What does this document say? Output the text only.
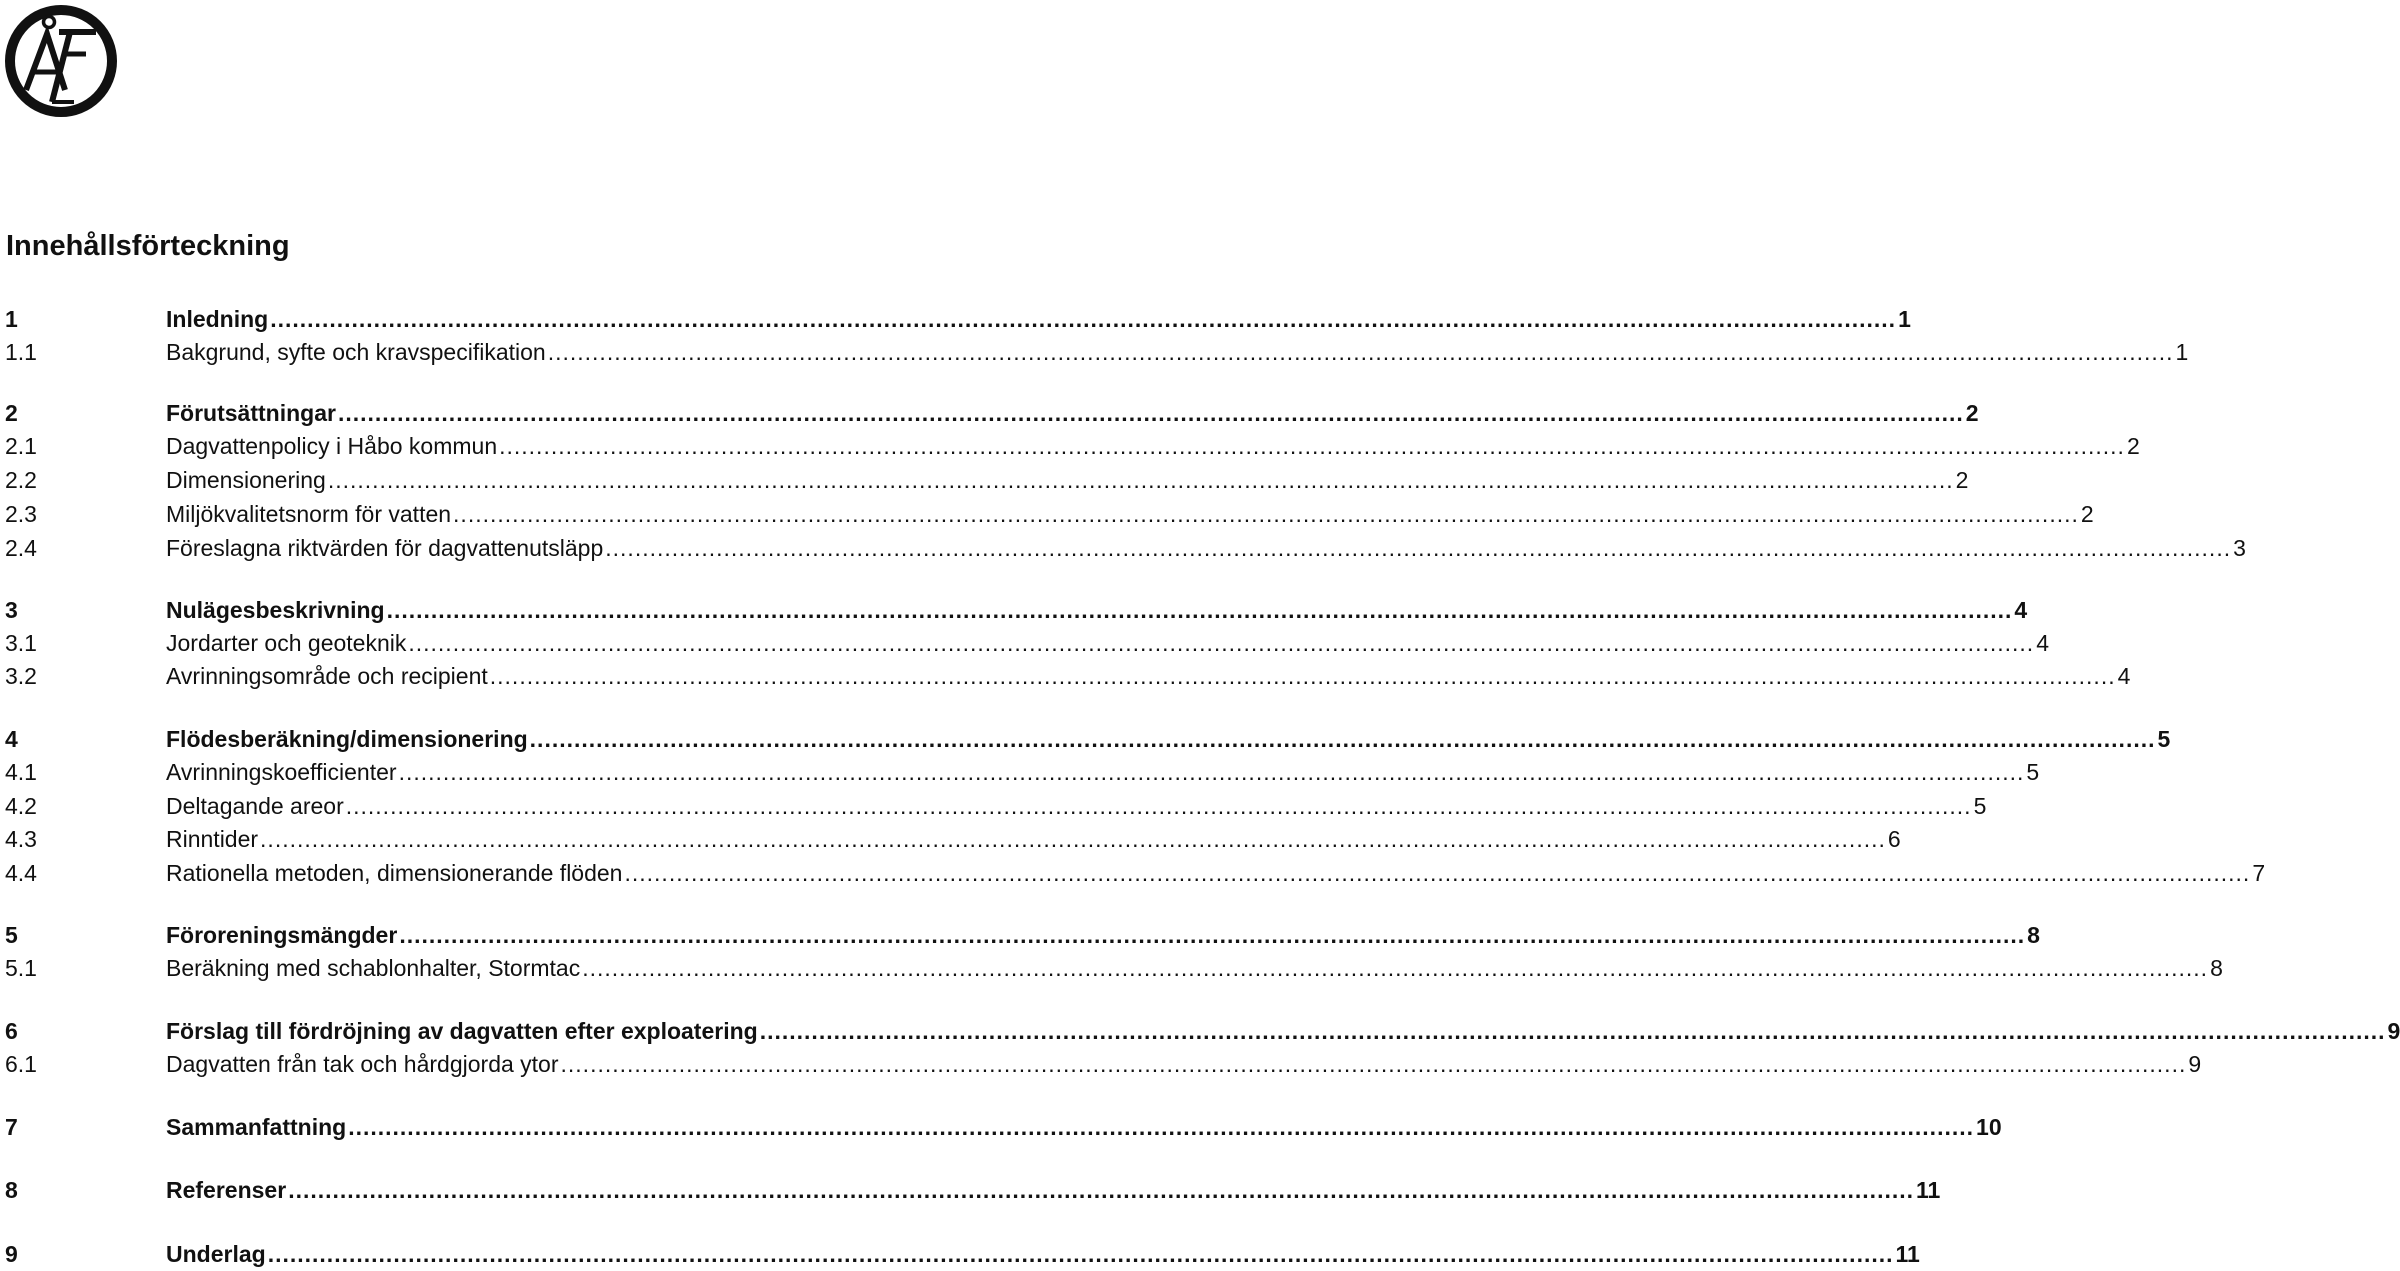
Innehållsförteckning
1	Inledning ............................................................................................................................................................................................................................ 1
1.1	Bakgrund, syfte och kravspecifikation ............................................................................................................................................................................................................................ 1
2	Förutsättningar ............................................................................................................................................................................................................................ 2
2.1	Dagvattenpolicy i Håbo kommun ............................................................................................................................................................................................................................ 2
2.2	Dimensionering ............................................................................................................................................................................................................................ 2
2.3	Miljökvalitetsnorm för vatten ............................................................................................................................................................................................................................ 2
2.4	Föreslagna riktvärden för dagvattenutsläpp ............................................................................................................................................................................................................................ 3
3	Nulägesbeskrivning ............................................................................................................................................................................................................................ 4
3.1	Jordarter och geoteknik ............................................................................................................................................................................................................................ 4
3.2	Avrinningsområde och recipient ............................................................................................................................................................................................................................ 4
4	Flödesberäkning/dimensionering ............................................................................................................................................................................................................................ 5
4.1	Avrinningskoefficienter ............................................................................................................................................................................................................................ 5
4.2	Deltagande areor ............................................................................................................................................................................................................................ 5
4.3	Rinntider ............................................................................................................................................................................................................................ 6
4.4	Rationella metoden, dimensionerande flöden ............................................................................................................................................................................................................................ 7
5	Föroreningsmängder ............................................................................................................................................................................................................................ 8
5.1	Beräkning med schablonhalter, Stormtac ............................................................................................................................................................................................................................ 8
6	Förslag till fördröjning av dagvatten efter exploatering ............................................................................................................................................................................................................................ 9
6.1	Dagvatten från tak och hårdgjorda ytor ............................................................................................................................................................................................................................ 9
7	Sammanfattning ............................................................................................................................................................................................................................ 10
8	Referenser ............................................................................................................................................................................................................................ 11
9	Underlag ............................................................................................................................................................................................................................ 11
